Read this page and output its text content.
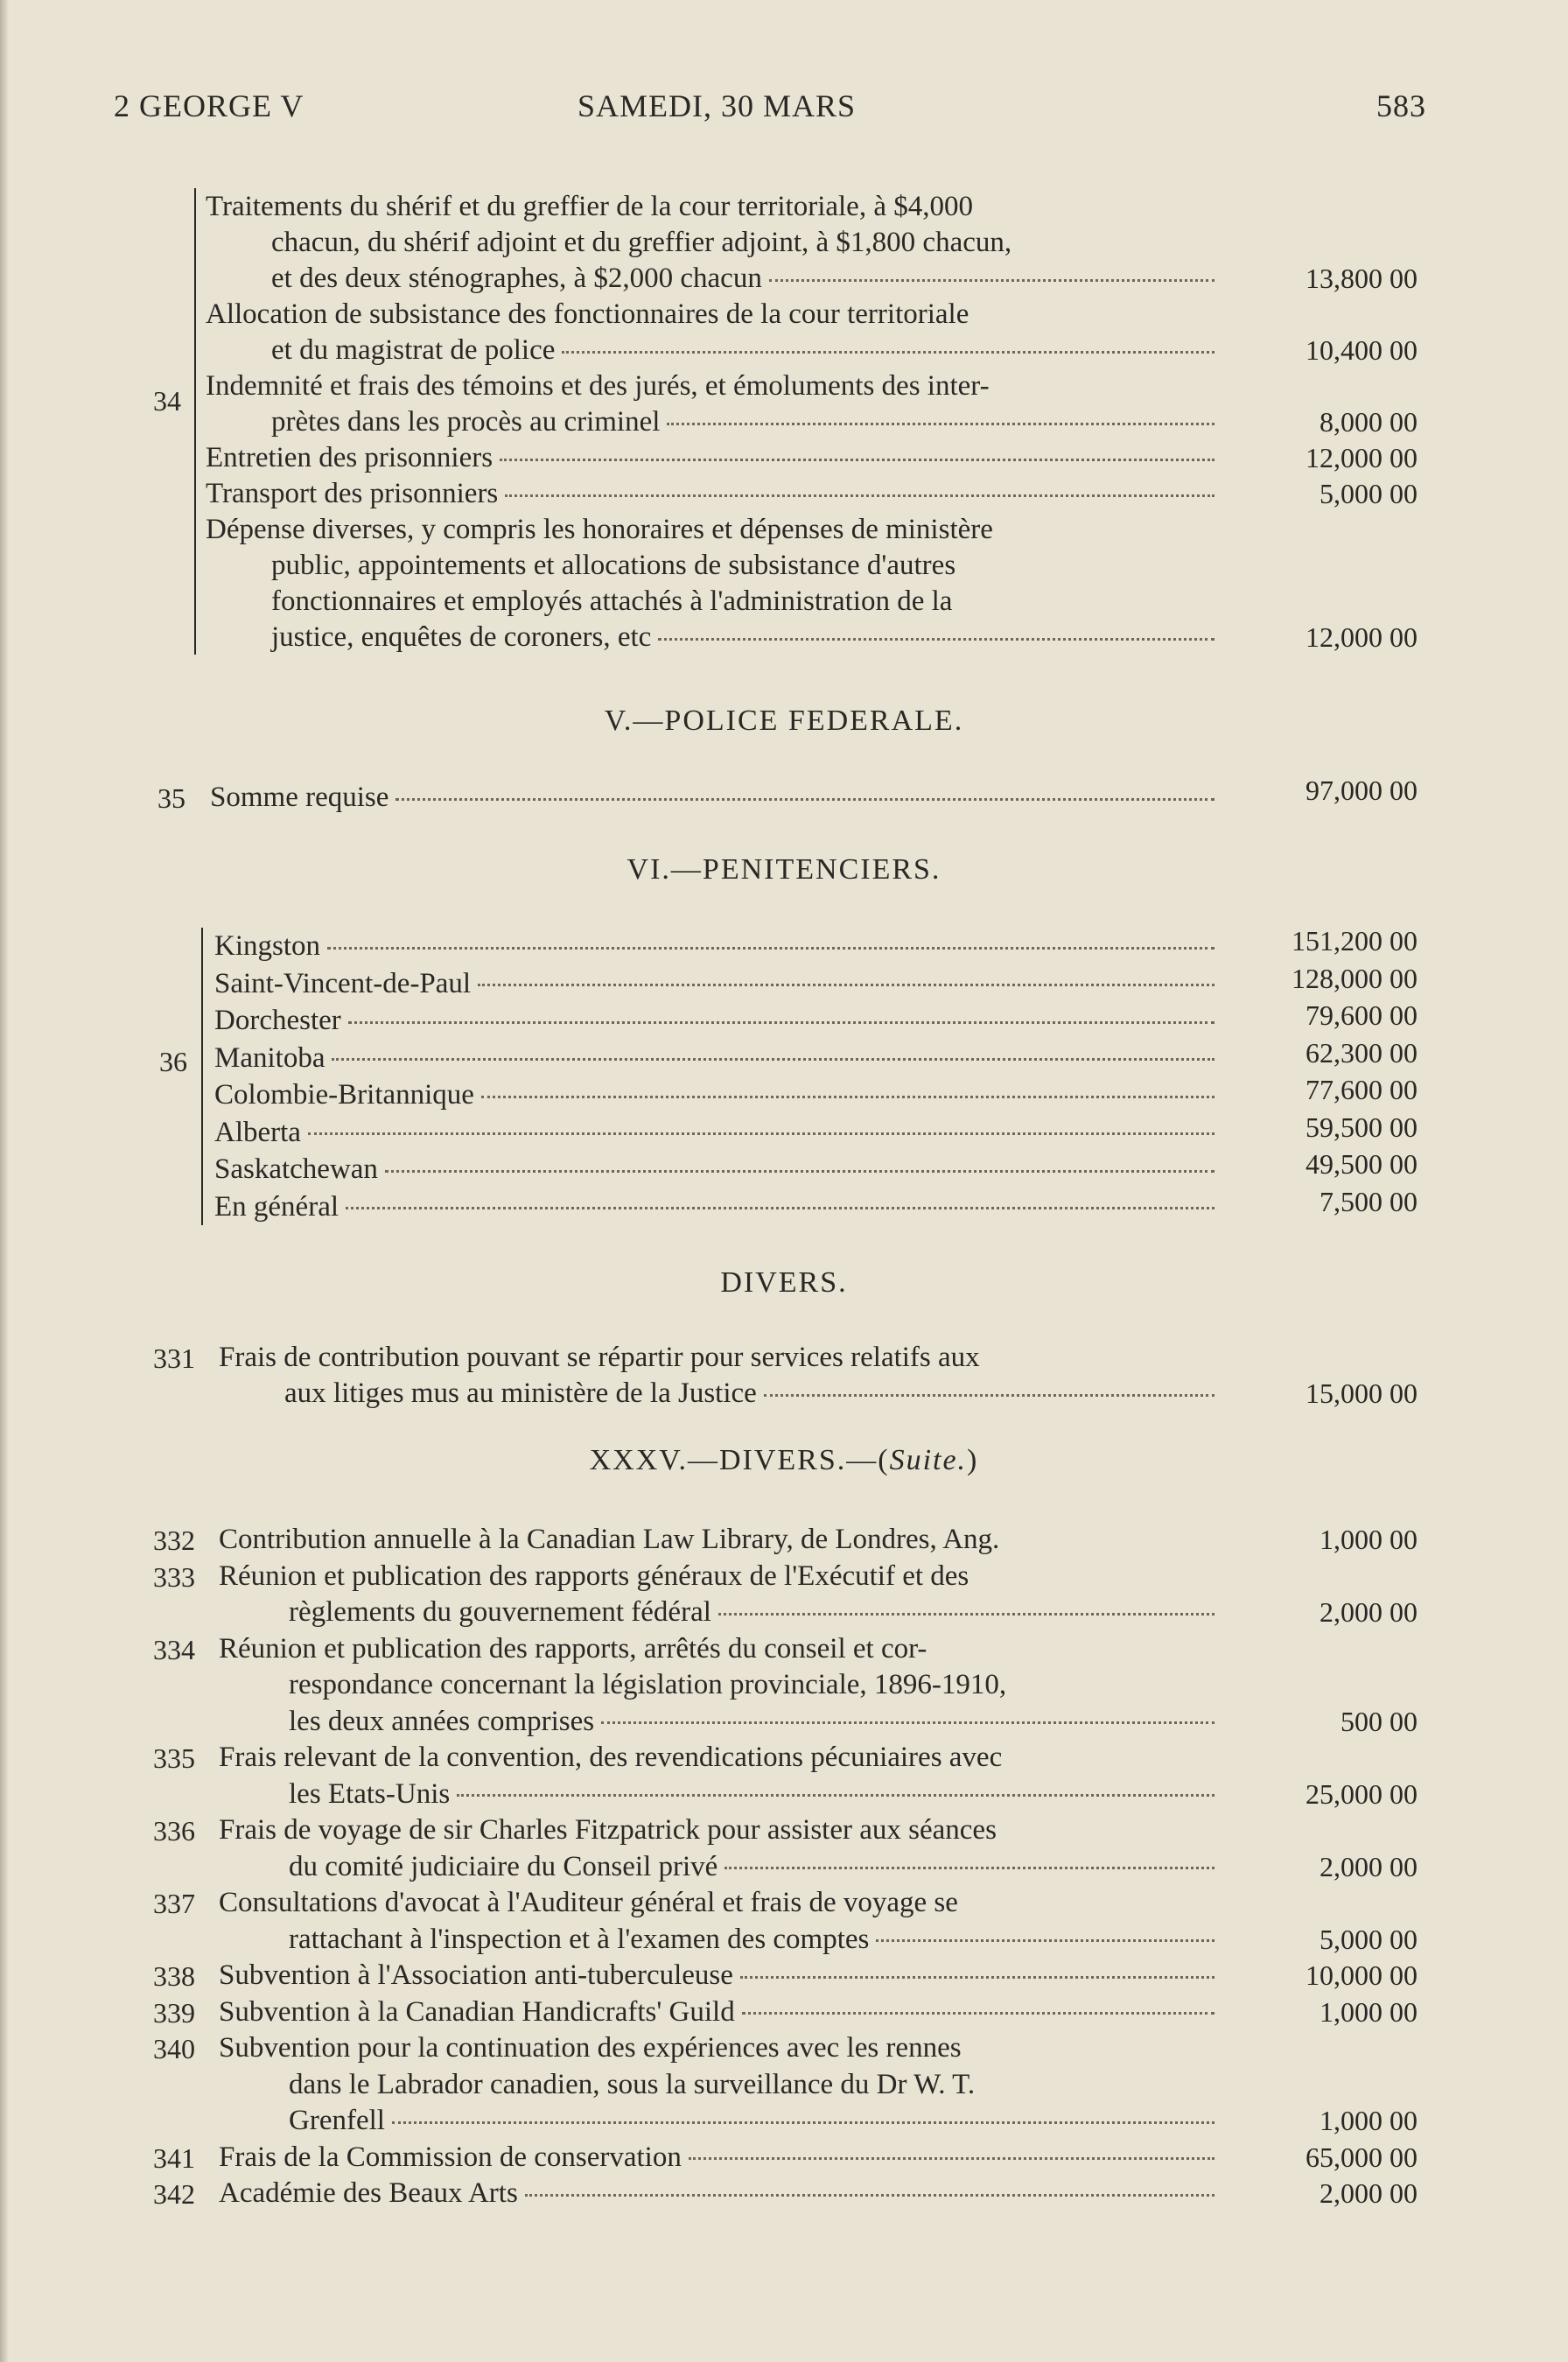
2 GEORGE V	SAMEDI, 30 MARS	583
Traitements du shérif et du greffier de la cour territoriale, à $4,000
chacun, du shérif adjoint et du greffier adjoint, à $1,800 chacun,
et des deux sténographes, à $2,000 chacun	13,800 00
Allocation de subsistance des fonctionnaires de la cour territoriale
et du magistrat de police	10,400 00
Indemnité et frais des témoins et des jurés, et émoluments des inter-
prètes dans les procès au criminel	8,000 00
Entretien des prisonniers	12,000 00
Transport des prisonniers	5,000 00
Dépense diverses, y compris les honoraires et dépenses de ministère
public, appointements et allocations de subsistance d'autres
fonctionnaires et employés attachés à l'administration de la
justice, enquêtes de coroners, etc	12,000 00
34
V.—POLICE FEDERALE.
35 Somme requise	97,000 00
VI.—PENITENCIERS.
Kingston	151,200 00
Saint-Vincent-de-Paul	128,000 00
Dorchester	79,600 00
Manitoba	62,300 00
Colombie-Britannique	77,600 00
Alberta	59,500 00
Saskatchewan	49,500 00
En général	7,500 00
36
DIVERS.
331 Frais de contribution pouvant se répartir pour services relatifs aux
aux litiges mus au ministère de la Justice	15,000 00
XXXV.—DIVERS.—(Suite.)
332 Contribution annuelle à la Canadian Law Library, de Londres, Ang.	1,000 00
333 Réunion et publication des rapports généraux de l'Exécutif et des
règlements du gouvernement fédéral	2,000 00
334 Réunion et publication des rapports, arrêtés du conseil et cor-
respondance concernant la législation provinciale, 1896-1910,
les deux années comprises	500 00
335 Frais relevant de la convention, des revendications pécuniaires avec
les Etats-Unis	25,000 00
336 Frais de voyage de sir Charles Fitzpatrick pour assister aux séances
du comité judiciaire du Conseil privé	2,000 00
337 Consultations d'avocat à l'Auditeur général et frais de voyage se
rattachant à l'inspection et à l'examen des comptes	5,000 00
338 Subvention à l'Association anti-tuberculeuse	10,000 00
339 Subvention à la Canadian Handicrafts' Guild	1,000 00
340 Subvention pour la continuation des expériences avec les rennes
dans le Labrador canadien, sous la surveillance du Dr W. T.
Grenfell	1,000 00
341 Frais de la Commission de conservation	65,000 00
342 Académie des Beaux Arts	2,000 00
